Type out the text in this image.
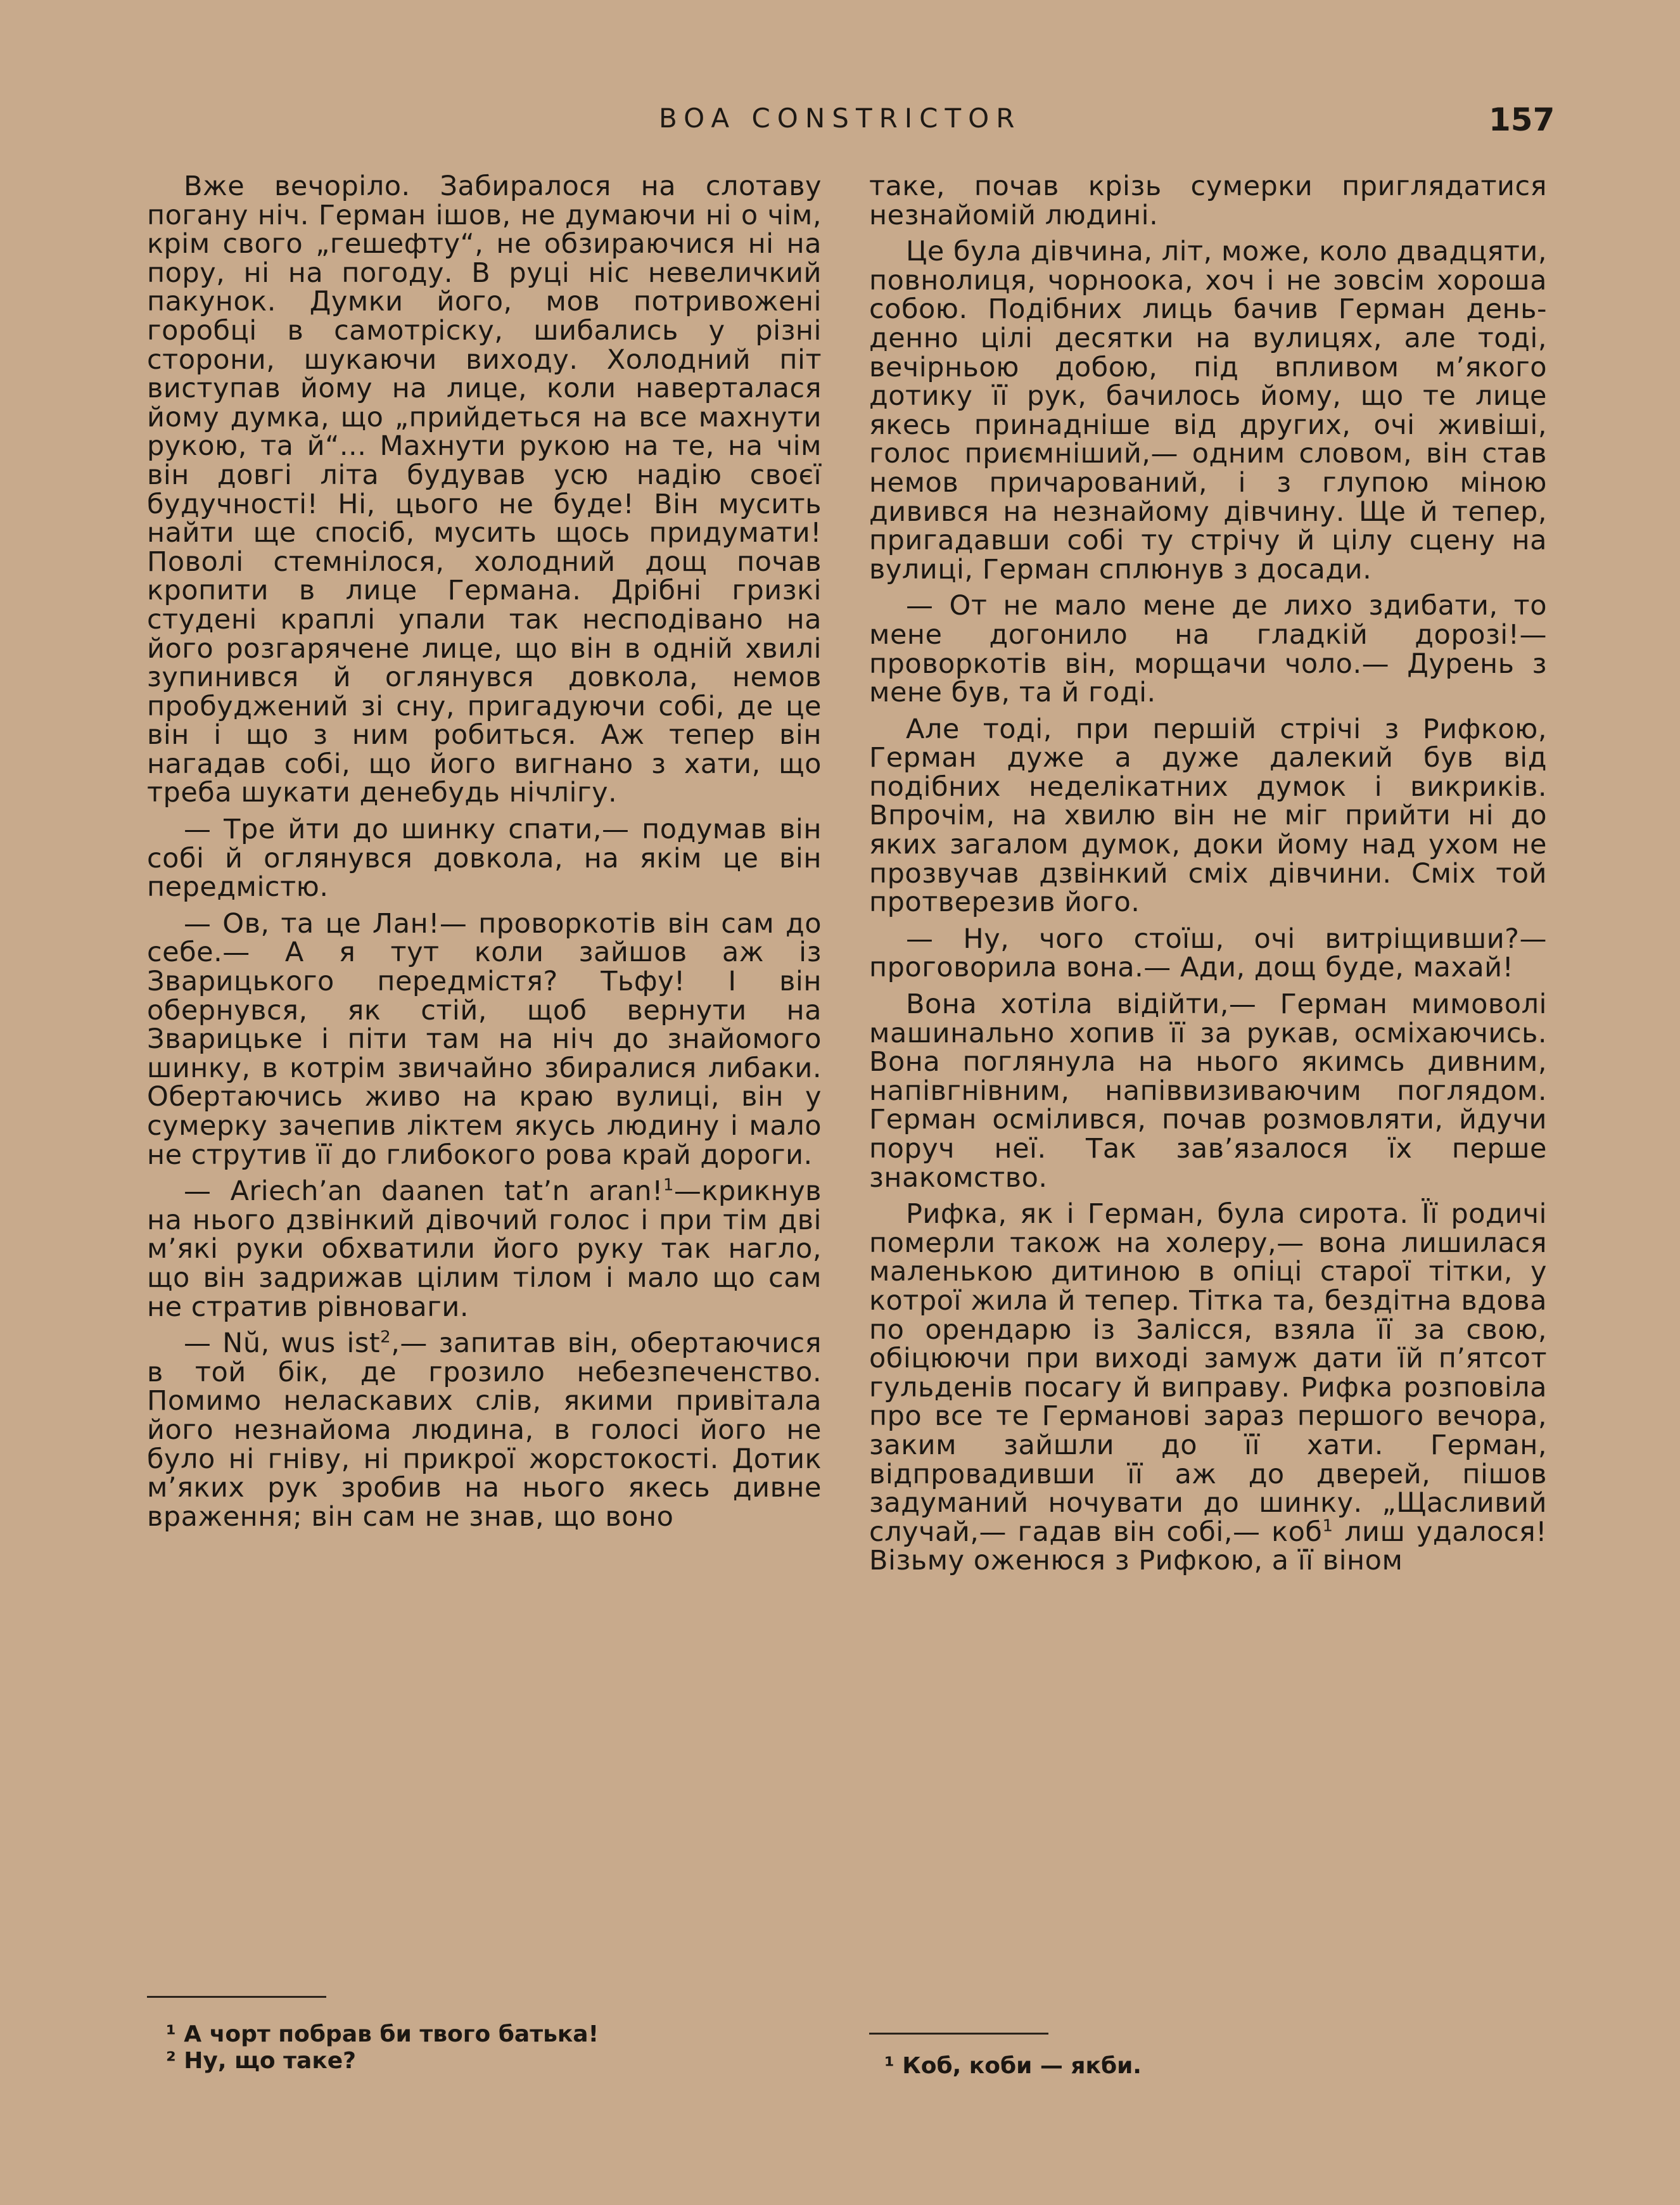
BOA CONSTRICTOR	157

Вже вечоріло. Забиралося на слотаву погану ніч. Герман ішов, не думаючи ні о чім, крім свого „гешефту“, не обзираючися ні на пору, ні на погоду. В руці ніс невеличкий пакунок. Думки його, мов потривожені горобці в самотріску, шибались у різні сторони, шукаючи виходу. Холодний піт виступав йому на лице, коли наверталася йому думка, що „прийдеться на все махнути рукою, та й“... Махнути рукою на те, на чім він довгі літа будував усю надію своєї будучності! Ні, цього не буде! Він мусить найти ще спосіб, мусить щось придумати! Поволі стемнілося, холодний дощ почав кропити в лице Германа. Дрібні гризкі студені краплі упали так несподівано на його розгарячене лице, що він в одній хвилі зупинився й оглянувся довкола, немов пробуджений зі сну, пригадуючи собі, де це він і що з ним робиться. Аж тепер він нагадав собі, що його вигнано з хати, що треба шукати денебудь нічлігу.

— Тре йти до шинку спати,— подумав він собі й оглянувся довкола, на якім це він передмістю.

— Ов, та це Лан!— проворкотів він сам до себе.— А я тут коли зайшов аж із Зварицького передмістя? Тьфу! І він обернувся, як стій, щоб вернути на Зварицьке і піти там на ніч до знайомого шинку, в котрім звичайно збиралися либаки. Обертаючись живо на краю вулиці, він у сумерку зачепив ліктем якусь людину і мало не струтив її до глибокого рова край дороги.

— Ariech’an daanen tat’n aran!$^1$—крикнув на нього дзвінкий дівочий голос і при тім дві м’які руки обхватили його руку так нагло, що він задрижав цілим тілом і мало що сам не стратив рівноваги.

— Nŭ, wus ist$^2$,— запитав він, обертаючися в той бік, де грозило небезпеченство. Помимо нелаcкавих слів, якими привітала його незнайома людина, в голосі його не було ні гніву, ні прикрої жорстокості. Дотик м’яких рук зробив на нього якесь дивне враження; він сам не знав, що воно

таке, почав крізь сумерки приглядатися незнайомій людині.

Це була дівчина, літ, може, коло двадцяти, повнолиця, чорноока, хоч і не зовсім хороша собою. Подібних лиць бачив Герман день-денно цілі десятки на вулицях, але тоді, вечірньою добою, під впливом м’якого дотику її рук, бачилось йому, що те лице якесь принадніше від других, очі живіші, голос приємніший,— одним словом, він став немов причарований, і з глупою міною дивився на незнайому дівчину. Ще й тепер, пригадавши собі ту стрічу й цілу сцену на вулиці, Герман сплюнув з досади.

— От не мало мене де лихо здибати, то мене догонило на гладкій дорозі!— проворкотів він, морщачи чоло.— Дурень з мене був, та й годі.

Але тоді, при першій стрічі з Рифкою, Герман дуже а дуже далекий був від подібних неделікатних думок і викриків. Впрочім, на хвилю він не міг прийти ні до яких загалом думок, доки йому над ухом не прозвучав дзвінкий сміх дівчини. Сміх той протверезив його.

— Ну, чого стоїш, очі витріщивши?— проговорила вона.— Ади, дощ буде, махай!

Вона хотіла відійти,— Герман мимоволі машинально хопив її за рукав, осміхаючись. Вона поглянула на нього якимсь дивним, напівгнівним, напіввизиваючим поглядом. Герман осмілився, почав розмовляти, йдучи поруч неї. Так зав’язалося їх перше знакомство.

Рифка, як і Герман, була сирота. Її родичі померли також на холеру,— вона лишилася маленькою дитиною в опіці старої тітки, у котрої жила й тепер. Тітка та, бездітна вдова по орендарю із Залісся, взяла її за свою, обіцюючи при виході замуж дати їй п’ятсот гульденів посагу й виправу. Рифка розповіла про все те Германові зараз першого вечора, заким зайшли до її хати. Герман, відпровадивши її аж до дверей, пішов задуманий ночувати до шинку. „Щасливий случай,— гадав він собі,— коб$^1$ лиш удалося! Візьму оженюся з Рифкою, а її віном

¹ А чорт побрав би твого батька!
² Ну, що таке?	¹ Коб, коби — якби.
